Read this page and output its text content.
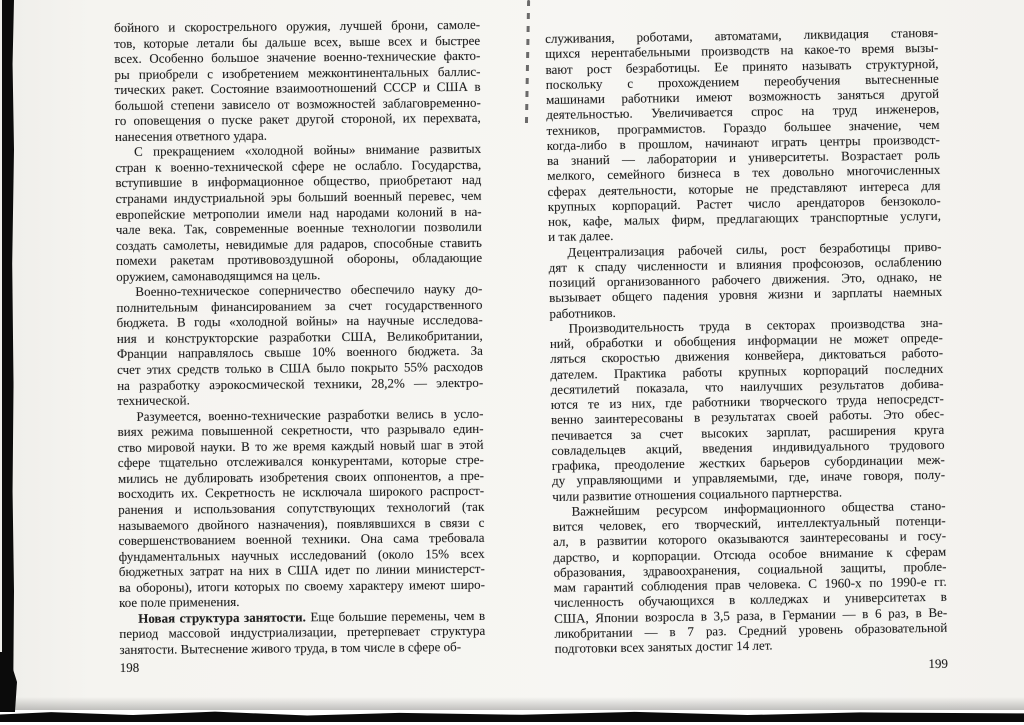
бойного и скорострельного оружия, лучшей брони, самоле-
тов, которые летали бы дальше всех, выше всех и быстрее
всех. Особенно большое значение военно-технические факто-
ры приобрели с изобретением межконтинентальных баллис-
тических ракет. Состояние взаимоотношений СССР и США в
большой степени зависело от возможностей заблаговременно-
го оповещения о пуске ракет другой стороной, их перехвата,
нанесения ответного удара.
С прекращением «холодной войны» внимание развитых
стран к военно-технической сфере не ослабло. Государства,
вступившие в информационное общество, приобретают над
странами индустриальной эры больший военный перевес, чем
европейские метрополии имели над народами колоний в на-
чале века. Так, современные военные технологии позволили
создать самолеты, невидимые для радаров, способные ставить
помехи ракетам противовоздушной обороны, обладающие
оружием, самонаводящимся на цель.
Военно-техническое соперничество обеспечило науку до-
полнительным финансированием за счет государственного
бюджета. В годы «холодной войны» на научные исследова-
ния и конструкторские разработки США, Великобритании,
Франции направлялось свыше 10% военного бюджета. За
счет этих средств только в США было покрыто 55% расходов
на разработку аэрокосмической техники, 28,2% — электро-
технической.
Разумеется, военно-технические разработки велись в усло-
виях режима повышенной секретности, что разрывало един-
ство мировой науки. В то же время каждый новый шаг в этой
сфере тщательно отслеживался конкурентами, которые стре-
мились не дублировать изобретения своих оппонентов, а пре-
восходить их. Секретность не исключала широкого распрост-
ранения и использования сопутствующих технологий (так
называемого двойного назначения), появлявшихся в связи с
совершенствованием военной техники. Она сама требовала
фундаментальных научных исследований (около 15% всех
бюджетных затрат на них в США идет по линии министерст-
ва обороны), итоги которых по своему характеру имеют широ-
кое поле применения.
Новая структура занятости. Еще большие перемены, чем в
период массовой индустриализации, претерпевает структура
занятости. Вытеснение живого труда, в том числе в сфере об-
198
служивания, роботами, автоматами, ликвидация становя-
щихся нерентабельными производств на какое-то время вызы-
вают рост безработицы. Ее принято называть структурной,
поскольку с прохождением переобучения вытесненные
машинами работники имеют возможность заняться другой
деятельностью. Увеличивается спрос на труд инженеров,
техников, программистов. Гораздо большее значение, чем
когда-либо в прошлом, начинают играть центры производст-
ва знаний — лаборатории и университеты. Возрастает роль
мелкого, семейного бизнеса в тех довольно многочисленных
сферах деятельности, которые не представляют интереса для
крупных корпораций. Растет число арендаторов бензоколо-
нок, кафе, малых фирм, предлагающих транспортные услуги,
и так далее.
Децентрализация рабочей силы, рост безработицы приво-
дят к спаду численности и влияния профсоюзов, ослаблению
позиций организованного рабочего движения. Это, однако, не
вызывает общего падения уровня жизни и зарплаты наемных
работников.
Производительность труда в секторах производства зна-
ний, обработки и обобщения информации не может опреде-
ляться скоростью движения конвейера, диктоваться работо-
дателем. Практика работы крупных корпораций последних
десятилетий показала, что наилучших результатов добива-
ются те из них, где работники творческого труда непосредст-
венно заинтересованы в результатах своей работы. Это обес-
печивается за счет высоких зарплат, расширения круга
совладельцев акций, введения индивидуального трудового
графика, преодоление жестких барьеров субординации меж-
ду управляющими и управляемыми, где, иначе говоря, полу-
чили развитие отношения социального партнерства.
Важнейшим ресурсом информационного общества стано-
вится человек, его творческий, интеллектуальный потенци-
ал, в развитии которого оказываются заинтересованы и госу-
дарство, и корпорации. Отсюда особое внимание к сферам
образования, здравоохранения, социальной защиты, пробле-
мам гарантий соблюдения прав человека. С 1960-х по 1990-е гг.
численность обучающихся в колледжах и университетах в
США, Японии возросла в 3,5 раза, в Германии — в 6 раз, в Ве-
ликобритании — в 7 раз. Средний уровень образовательной
подготовки всех занятых достиг 14 лет.
199
